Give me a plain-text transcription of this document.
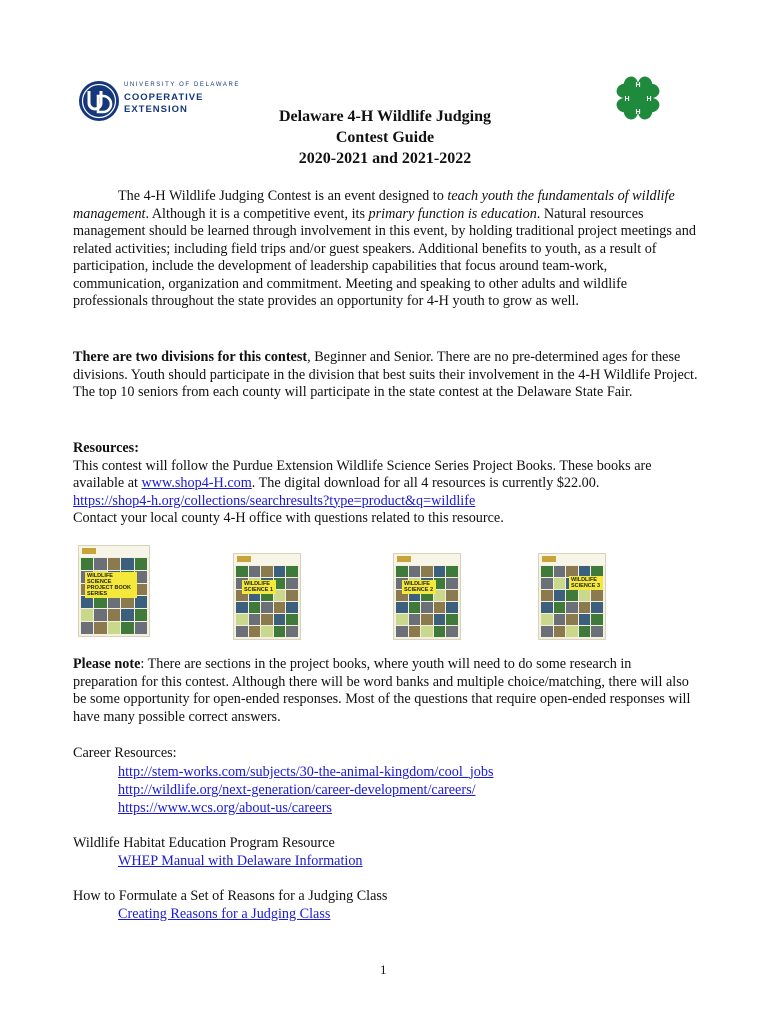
UNIVERSITY OF DELAWARE
COOPERATIVE
EXTENSION
H
H
H
H
Delaware 4-H Wildlife Judging
Contest Guide
2020-2021 and 2021-2022
The 4-H Wildlife Judging Contest is an event designed to teach youth the fundamentals of wildlife management. Although it is a competitive event, its primary function is education. Natural resources management should be learned through involvement in this event, by holding traditional project meetings and related activities; including field trips and/or guest speakers. Additional benefits to youth, as a result of participation, include the development of leadership capabilities that focus around team-work, communication, organization and commitment. Meeting and speaking to other adults and wildlife professionals throughout the state provides an opportunity for 4-H youth to grow as well.
There are two divisions for this contest, Beginner and Senior. There are no pre-determined ages for these divisions. Youth should participate in the division that best suits their involvement in the 4-H Wildlife Project. The top 10 seniors from each county will participate in the state contest at the Delaware State Fair.
Resources:
This contest will follow the Purdue Extension Wildlife Science Series Project Books. These books are available at www.shop4-H.com. The digital download for all 4 resources is currently $22.00.
https://shop4-h.org/collections/searchresults?type=product&q=wildlife
Contact your local county 4-H office with questions related to this resource.
WILDLIFE SCIENCE PROJECT BOOK SERIES
WILDLIFE SCIENCE 1
WILDLIFE SCIENCE 2
WILDLIFE SCIENCE 3
Please note: There are sections in the project books, where youth will need to do some research in preparation for this contest. Although there will be word banks and multiple choice/matching, there will also be some opportunity for open-ended responses. Most of the questions that require open-ended responses will have many possible correct answers.
Career Resources:
http://stem-works.com/subjects/30-the-animal-kingdom/cool_jobs
http://wildlife.org/next-generation/career-development/careers/
https://www.wcs.org/about-us/careers
Wildlife Habitat Education Program Resource
WHEP Manual with Delaware Information
How to Formulate a Set of Reasons for a Judging Class
Creating Reasons for a Judging Class
1
